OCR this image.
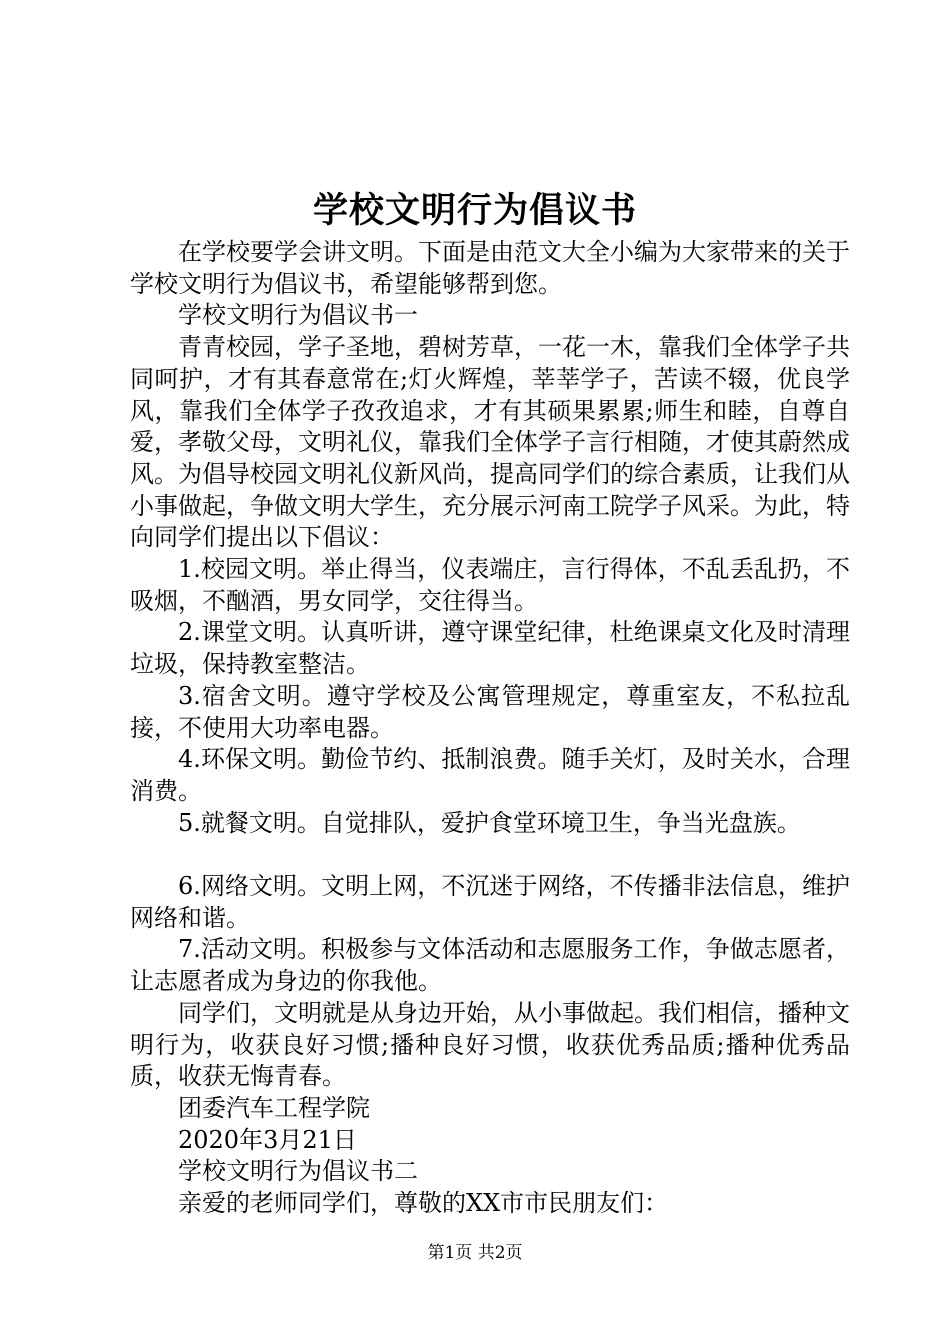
学校文明行为倡议书

在学校要学会讲文明。下面是由范文大全小编为大家带来的关于学校文明行为倡议书，希望能够帮到您。

学校文明行为倡议书一

青青校园，学子圣地，碧树芳草，一花一木，靠我们全体学子共同呵护，才有其春意常在;灯火辉煌，莘莘学子，苦读不辍，优良学风，靠我们全体学子孜孜追求，才有其硕果累累;师生和睦，自尊自爱，孝敬父母，文明礼仪，靠我们全体学子言行相随，才使其蔚然成风。为倡导校园文明礼仪新风尚，提高同学们的综合素质，让我们从小事做起，争做文明大学生，充分展示河南工院学子风采。为此，特向同学们提出以下倡议：

1.校园文明。举止得当，仪表端庄，言行得体，不乱丢乱扔，不吸烟，不酗酒，男女同学，交往得当。

2.课堂文明。认真听讲，遵守课堂纪律，杜绝课桌文化及时清理垃圾，保持教室整洁。

3.宿舍文明。遵守学校及公寓管理规定，尊重室友，不私拉乱接，不使用大功率电器。

4.环保文明。勤俭节约、抵制浪费。随手关灯，及时关水，合理消费。

5.就餐文明。自觉排队，爱护食堂环境卫生，争当光盘族。

6.网络文明。文明上网，不沉迷于网络，不传播非法信息，维护网络和谐。

7.活动文明。积极参与文体活动和志愿服务工作，争做志愿者，让志愿者成为身边的你我他。

同学们，文明就是从身边开始，从小事做起。我们相信，播种文明行为，收获良好习惯;播种良好习惯，收获优秀品质;播种优秀品质，收获无悔青春。

团委汽车工程学院

2020年3月21日

学校文明行为倡议书二

亲爱的老师同学们，尊敬的XX市市民朋友们：

第1页 共2页
